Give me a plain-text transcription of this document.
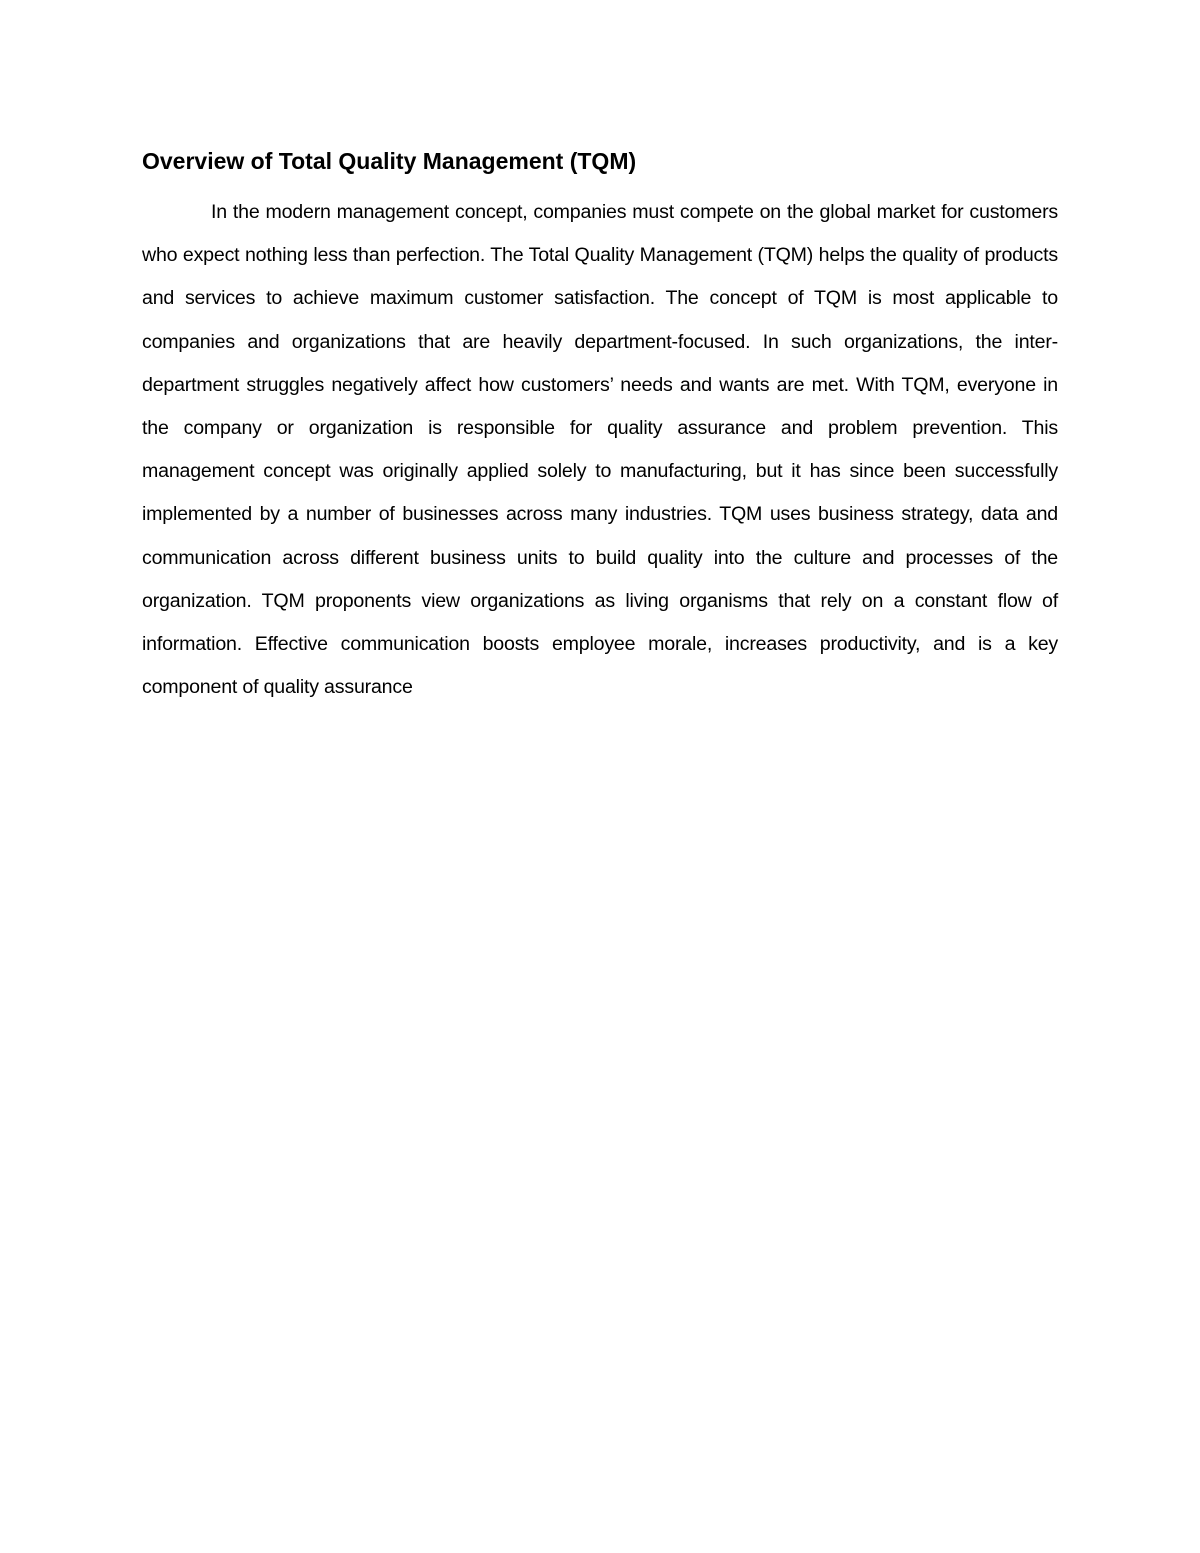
Overview of Total Quality Management (TQM)

In the modern management concept, companies must compete on the global market for customers who expect nothing less than perfection. The Total Quality Management (TQM) helps the quality of products and services to achieve maximum customer satisfaction. The concept of TQM is most applicable to companies and organizations that are heavily department-focused. In such organizations, the inter-department struggles negatively affect how customers’ needs and wants are met. With TQM, everyone in the company or organization is responsible for quality assurance and problem prevention. This management concept was originally applied solely to manufacturing, but it has since been successfully implemented by a number of businesses across many industries. TQM uses business strategy, data and communication across different business units to build quality into the culture and processes of the organization. TQM proponents view organizations as living organisms that rely on a constant flow of information. Effective communication boosts employee morale, increases productivity, and is a key component of quality assurance
